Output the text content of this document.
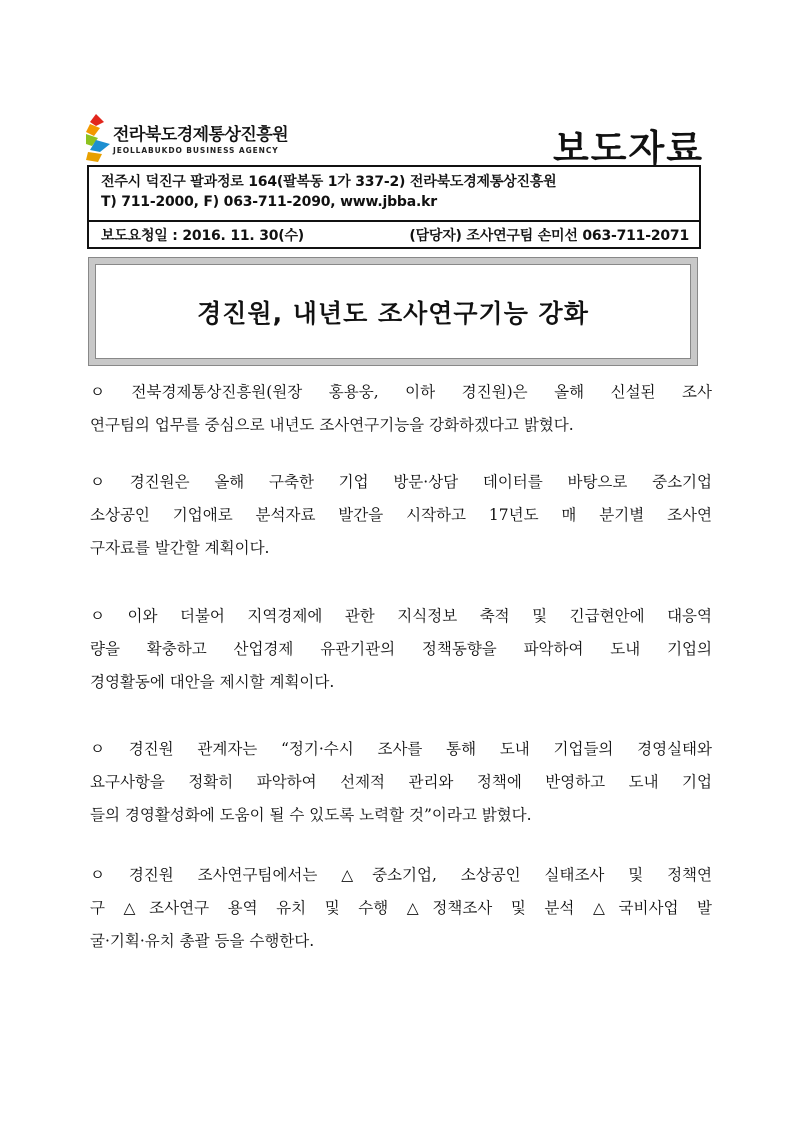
전라북도경제통상진흥원
JEOLLABUKDO BUSINESS AGENCY	보도자료
전주시 덕진구 팔과정로 164(팔복동 1가 337-2) 전라북도경제통상진흥원
T) 711-2000, F) 063-711-2090, www.jbba.kr
보도요청일 : 2016. 11. 30(수)	(담당자) 조사연구팀 손미선 063-711-2071
경진원, 내년도 조사연구기능 강화
ㅇ 전북경제통상진흥원(원장 홍용웅, 이하 경진원)은 올해 신설된 조사
연구팀의 업무를 중심으로 내년도 조사연구기능을 강화하겠다고 밝혔다.
ㅇ 경진원은 올해 구축한 기업 방문·상담 데이터를 바탕으로 중소기업
소상공인 기업애로 분석자료 발간을 시작하고 17년도 매 분기별 조사연
구자료를 발간할 계획이다.
ㅇ 이와 더불어 지역경제에 관한 지식정보 축적 및 긴급현안에 대응역
량을 확충하고 산업경제 유관기관의 정책동향을 파악하여 도내 기업의
경영활동에 대안을 제시할 계획이다.
ㅇ 경진원 관계자는 “정기·수시 조사를 통해 도내 기업들의 경영실태와
요구사항을 정확히 파악하여 선제적 관리와 정책에 반영하고 도내 기업
들의 경영활성화에 도움이 될 수 있도록 노력할 것”이라고 밝혔다.
ㅇ 경진원 조사연구팀에서는 △중소기업, 소상공인 실태조사 및 정책연
구 △조사연구 용역 유치 및 수행 △정책조사 및 분석 △국비사업 발
굴·기획·유치 총괄 등을 수행한다.
